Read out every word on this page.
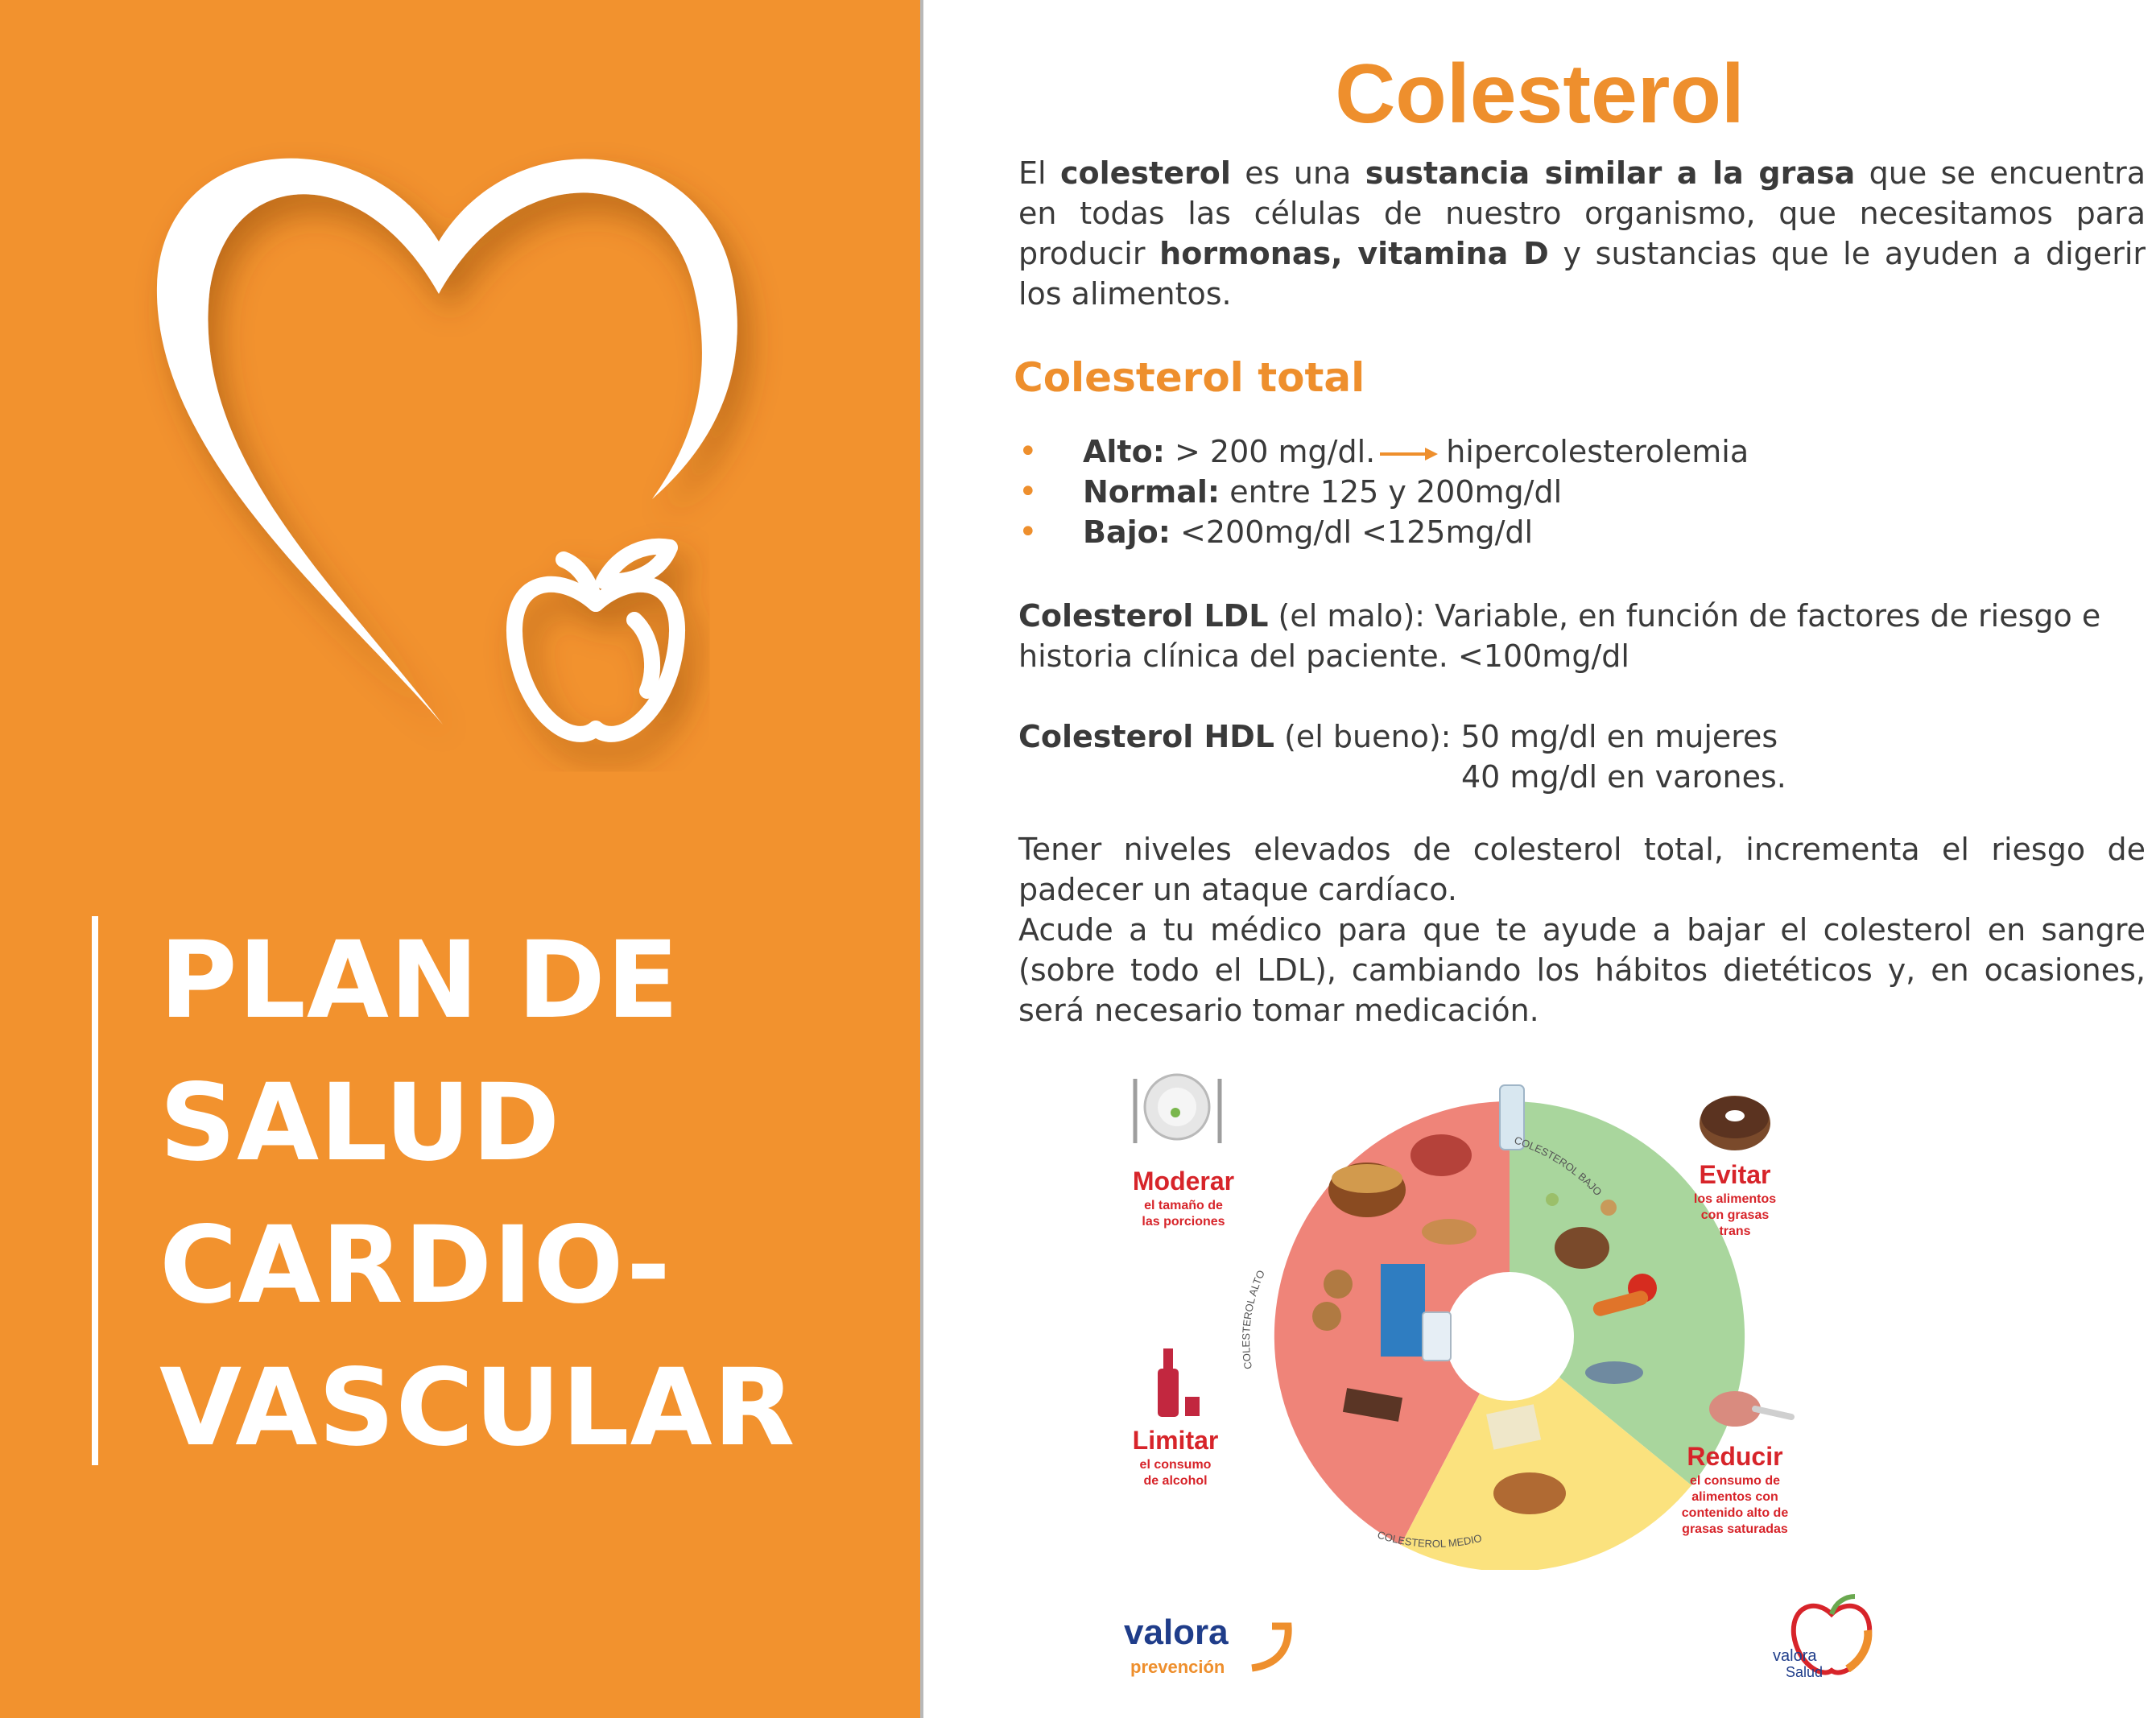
PLAN DE
SALUD
CARDIO-
VASCULAR
Colesterol
El colesterol es una sustancia similar a la grasa que se encuentra en todas las células de nuestro organismo, que necesitamos para producir hormonas, vitamina D y sustancias que le ayuden a digerir los alimentos.
Colesterol total
• Alto: > 200 mg/dl. hipercolesterolemia
• Normal: entre 125 y 200mg/dl
• Bajo: <200mg/dl <125mg/dl
Colesterol LDL (el malo): Variable, en función de factores de riesgo e historia clínica del paciente. <100mg/dl
Colesterol HDL (el bueno): 50 mg/dl en mujeres
40 mg/dl en varones.

Tener niveles elevados de colesterol total, incrementa el riesgo de padecer un ataque cardíaco.

Acude a tu médico para que te ayude a bajar el colesterol en sangre (sobre todo el LDL), cambiando los hábitos dietéticos y, en ocasiones, será necesario tomar medicación.

COLESTEROL ALTO
COLESTEROL BAJO
COLESTEROL MEDIO
Moderar
el tamaño de
las porciones
Evitar
los alimentos
con grasas
trans
Limitar
el consumo
de alcohol
Reducir
el consumo de
alimentos con
contenido alto de
grasas saturadas
valora
prevención
valora
Salud
